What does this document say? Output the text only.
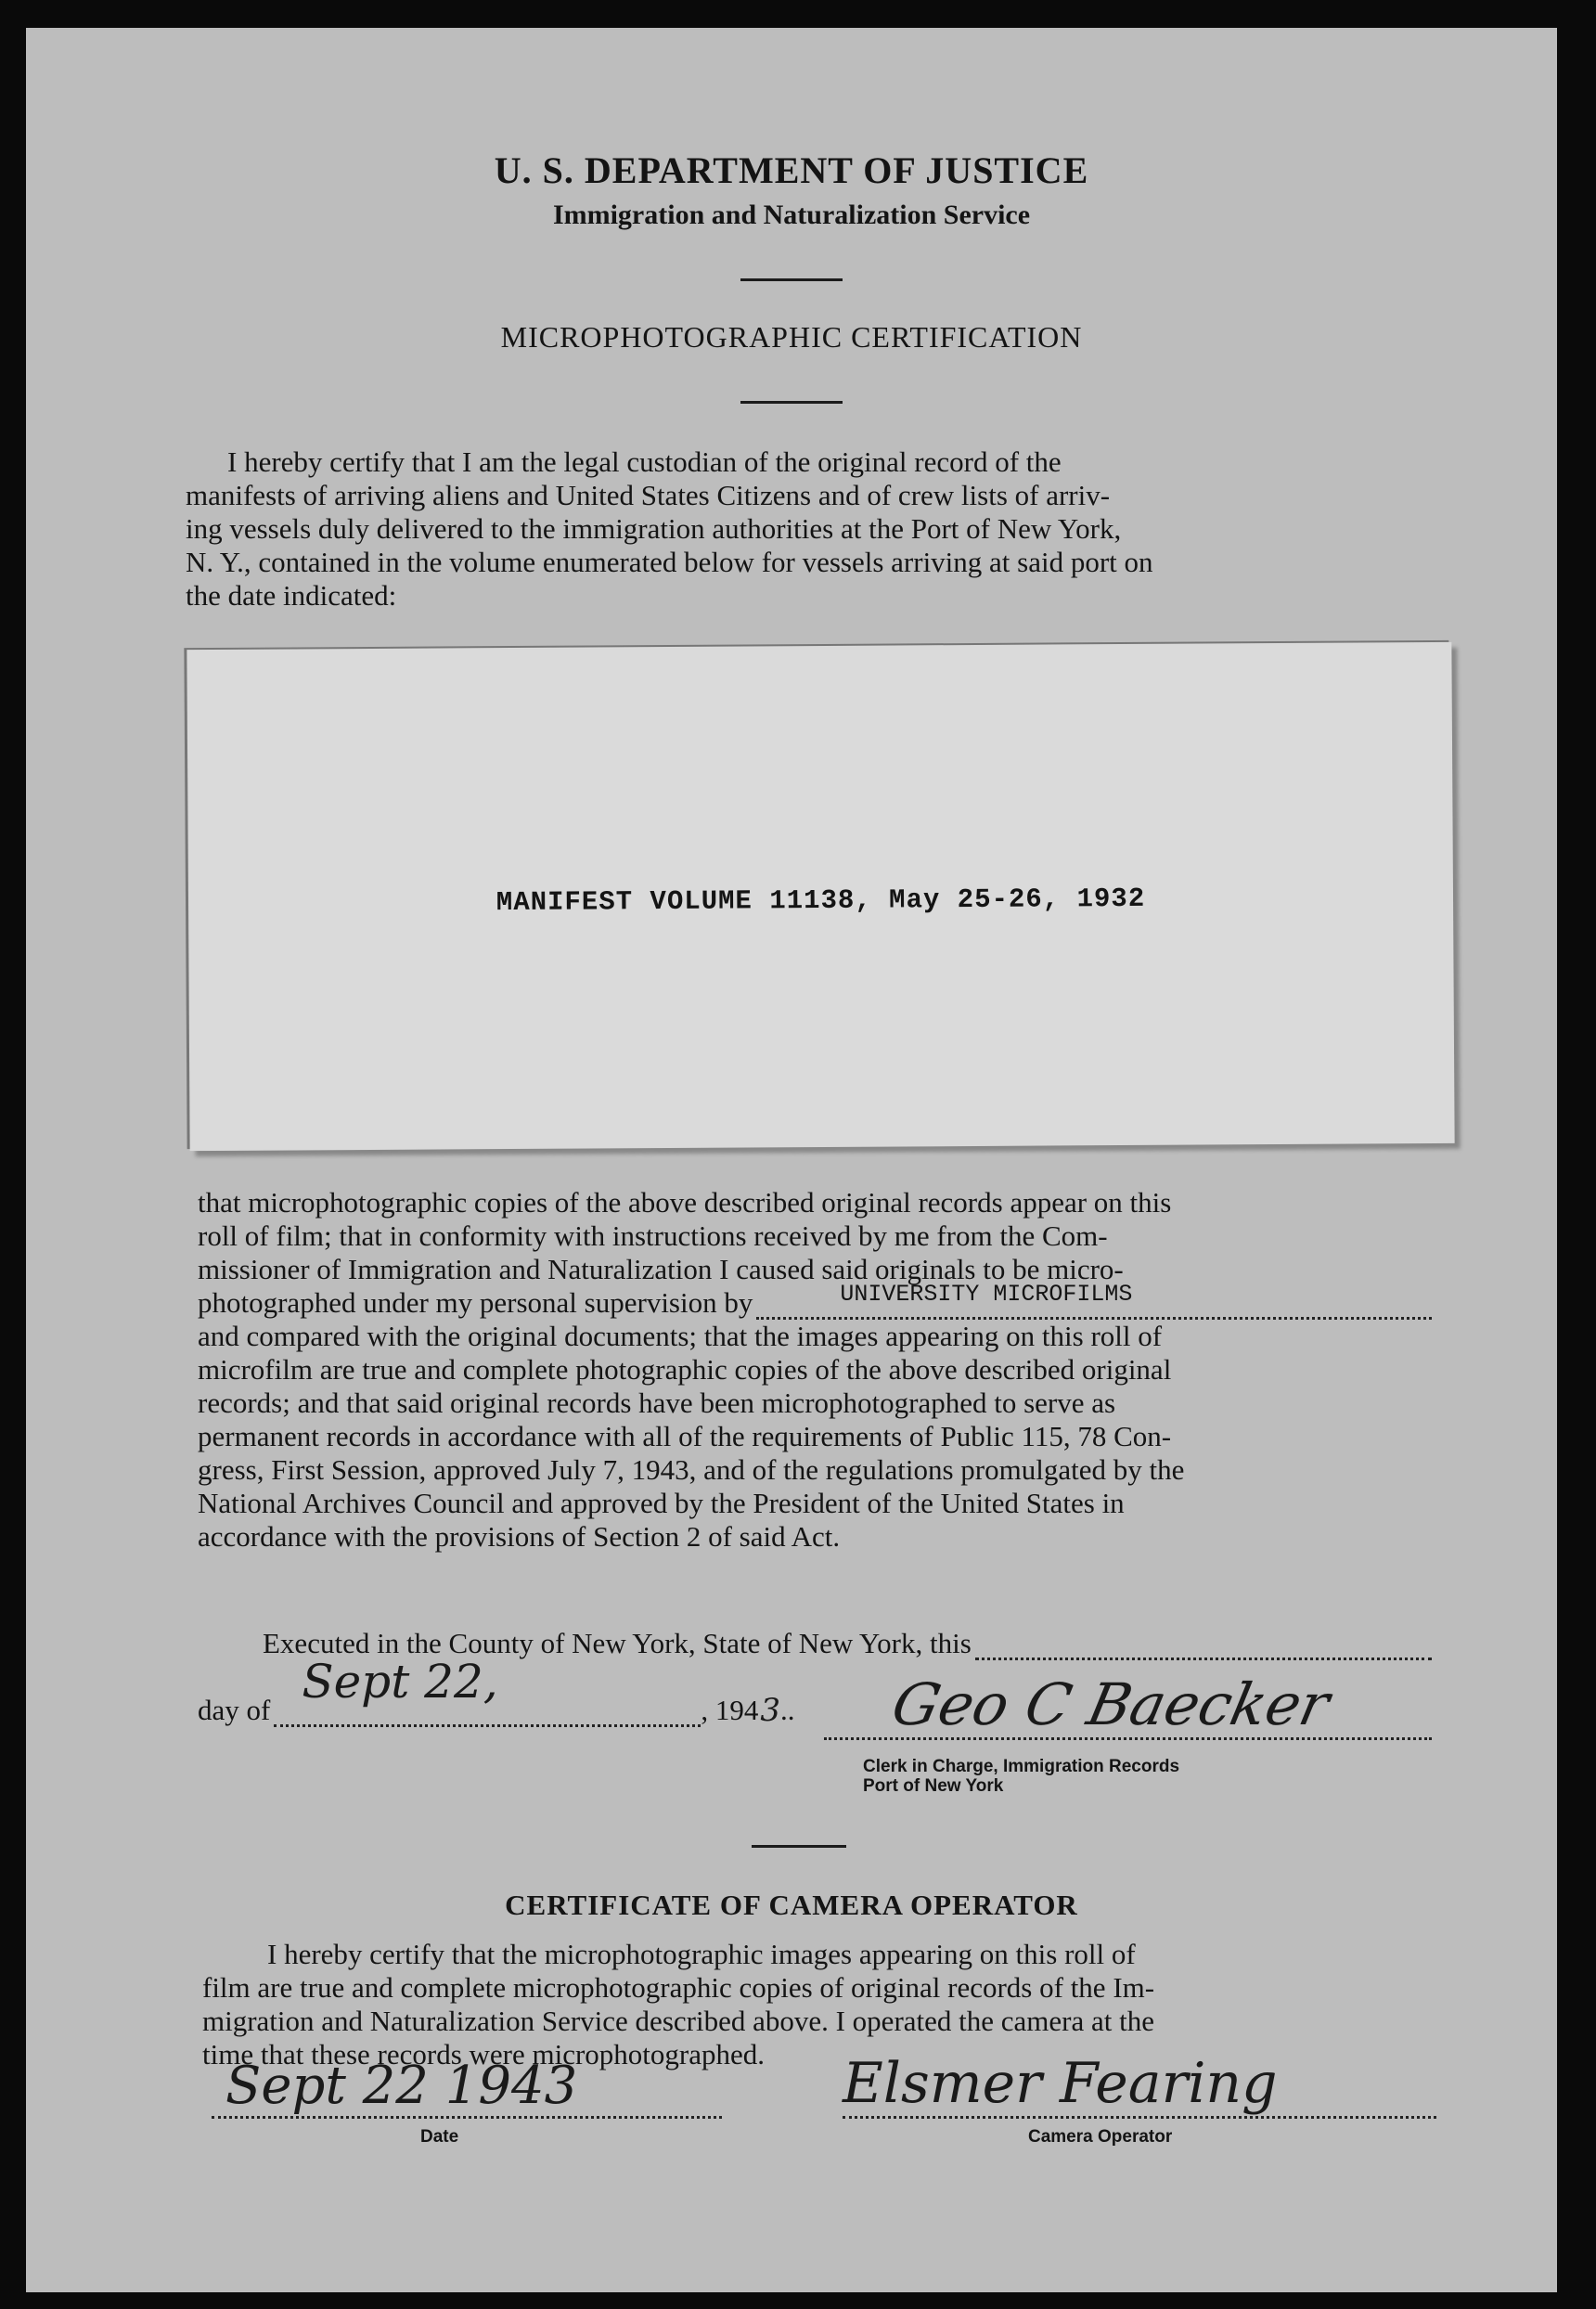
U. S. DEPARTMENT OF JUSTICE
Immigration and Naturalization Service
MICROPHOTOGRAPHIC CERTIFICATION
I hereby certify that I am the legal custodian of the original record of the
manifests of arriving aliens and United States Citizens and of crew lists of arriv-
ing vessels duly delivered to the immigration authorities at the Port of New York,
N. Y., contained in the volume enumerated below for vessels arriving at said port on
the date indicated:
MANIFEST VOLUME 11138, May 25-26, 1932
that microphotographic copies of the above described original records appear on this
roll of film; that in conformity with instructions received by me from the Com-
missioner of Immigration and Naturalization I caused said originals to be micro-
photographed under my personal supervision by	UNIVERSITY MICROFILMS
and compared with the original documents; that the images appearing on this roll of
microfilm are true and complete photographic copies of the above described original
records; and that said original records have been microphotographed to serve as
permanent records in accordance with all of the requirements of Public 115, 78 Con-
gress, First Session, approved July 7, 1943, and of the regulations promulgated by the
National Archives Council and approved by the President of the United States in
accordance with the provisions of Section 2 of said Act.
Executed in the County of New York, State of New York, this
day of
Sept 22,
, 194 3 .. Geo C Baecker
Clerk in Charge, Immigration Records
Port of New York
CERTIFICATE OF CAMERA OPERATOR
I hereby certify that the microphotographic images appearing on this roll of
film are true and complete microphotographic copies of original records of the Im-
migration and Naturalization Service described above. I operated the camera at the
time that these records were microphotographed.
Sept 22 1943
Date
Elsmer Fearing
Camera Operator
